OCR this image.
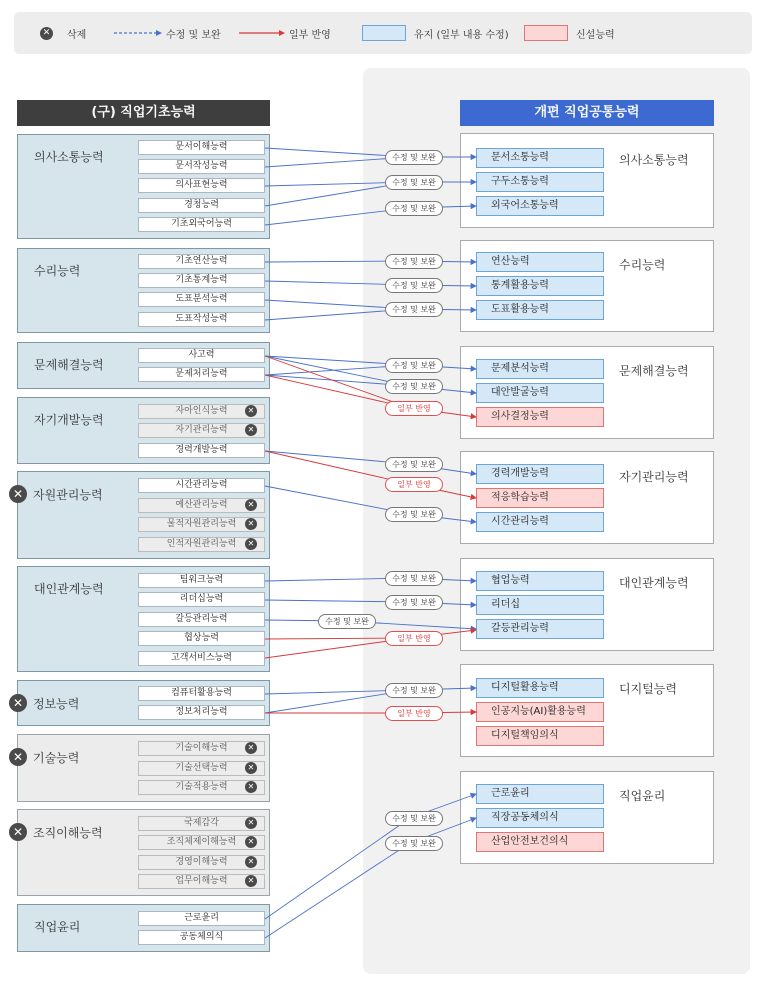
✕ 삭제	수정 및 보완	일부 반영	유지 (일부 내용 수정)	신설능력
(구) 직업기초능력	개편 직업공통능력
의사소통능력
문서이해능력
문서작성능력
의사표현능력
경청능력
기초외국어능력
수리능력
기초연산능력
기초통계능력
도표분석능력
도표작성능력
문제해결능력
사고력
문제처리능력
자기개발능력
자아인식능력	✕
자기관리능력	✕
경력개발능력
✕ 자원관리능력
시간관리능력
예산관리능력	✕
물적자원관리능력	✕
인적자원관리능력	✕
대인관계능력
팀워크능력
리더십능력
갈등관리능력
협상능력
고객서비스능력
✕ 정보능력
컴퓨터활용능력
정보처리능력
✕ 기술능력
기술이해능력	✕
기술선택능력	✕
기술적용능력	✕
✕ 조직이해능력
국제감각	✕
조직체제이해능력	✕
경영이해능력	✕
업무이해능력	✕
직업윤리
근로윤리
공동체의식
의사소통능력
문서소통능력
구두소통능력
외국어소통능력
수리능력
연산능력
통계활용능력
도표활용능력
문제해결능력
문제분석능력
대안발굴능력
의사결정능력
자기관리능력
경력개발능력
적응학습능력
시간관리능력
대인관계능력
협업능력
리더십
갈등관리능력
디지털능력
디지털활용능력
인공지능(AI)활용능력
디지털책임의식
직업윤리
근로윤리
직장공동체의식
산업안전보건의식
수정 및 보완
수정 및 보완
수정 및 보완
수정 및 보완
수정 및 보완
수정 및 보완
수정 및 보완
수정 및 보완
일부 반영
수정 및 보완
일부 반영
수정 및 보완
수정 및 보완
수정 및 보완
수정 및 보완
일부 반영
수정 및 보완
일부 반영
수정 및 보완
수정 및 보완
